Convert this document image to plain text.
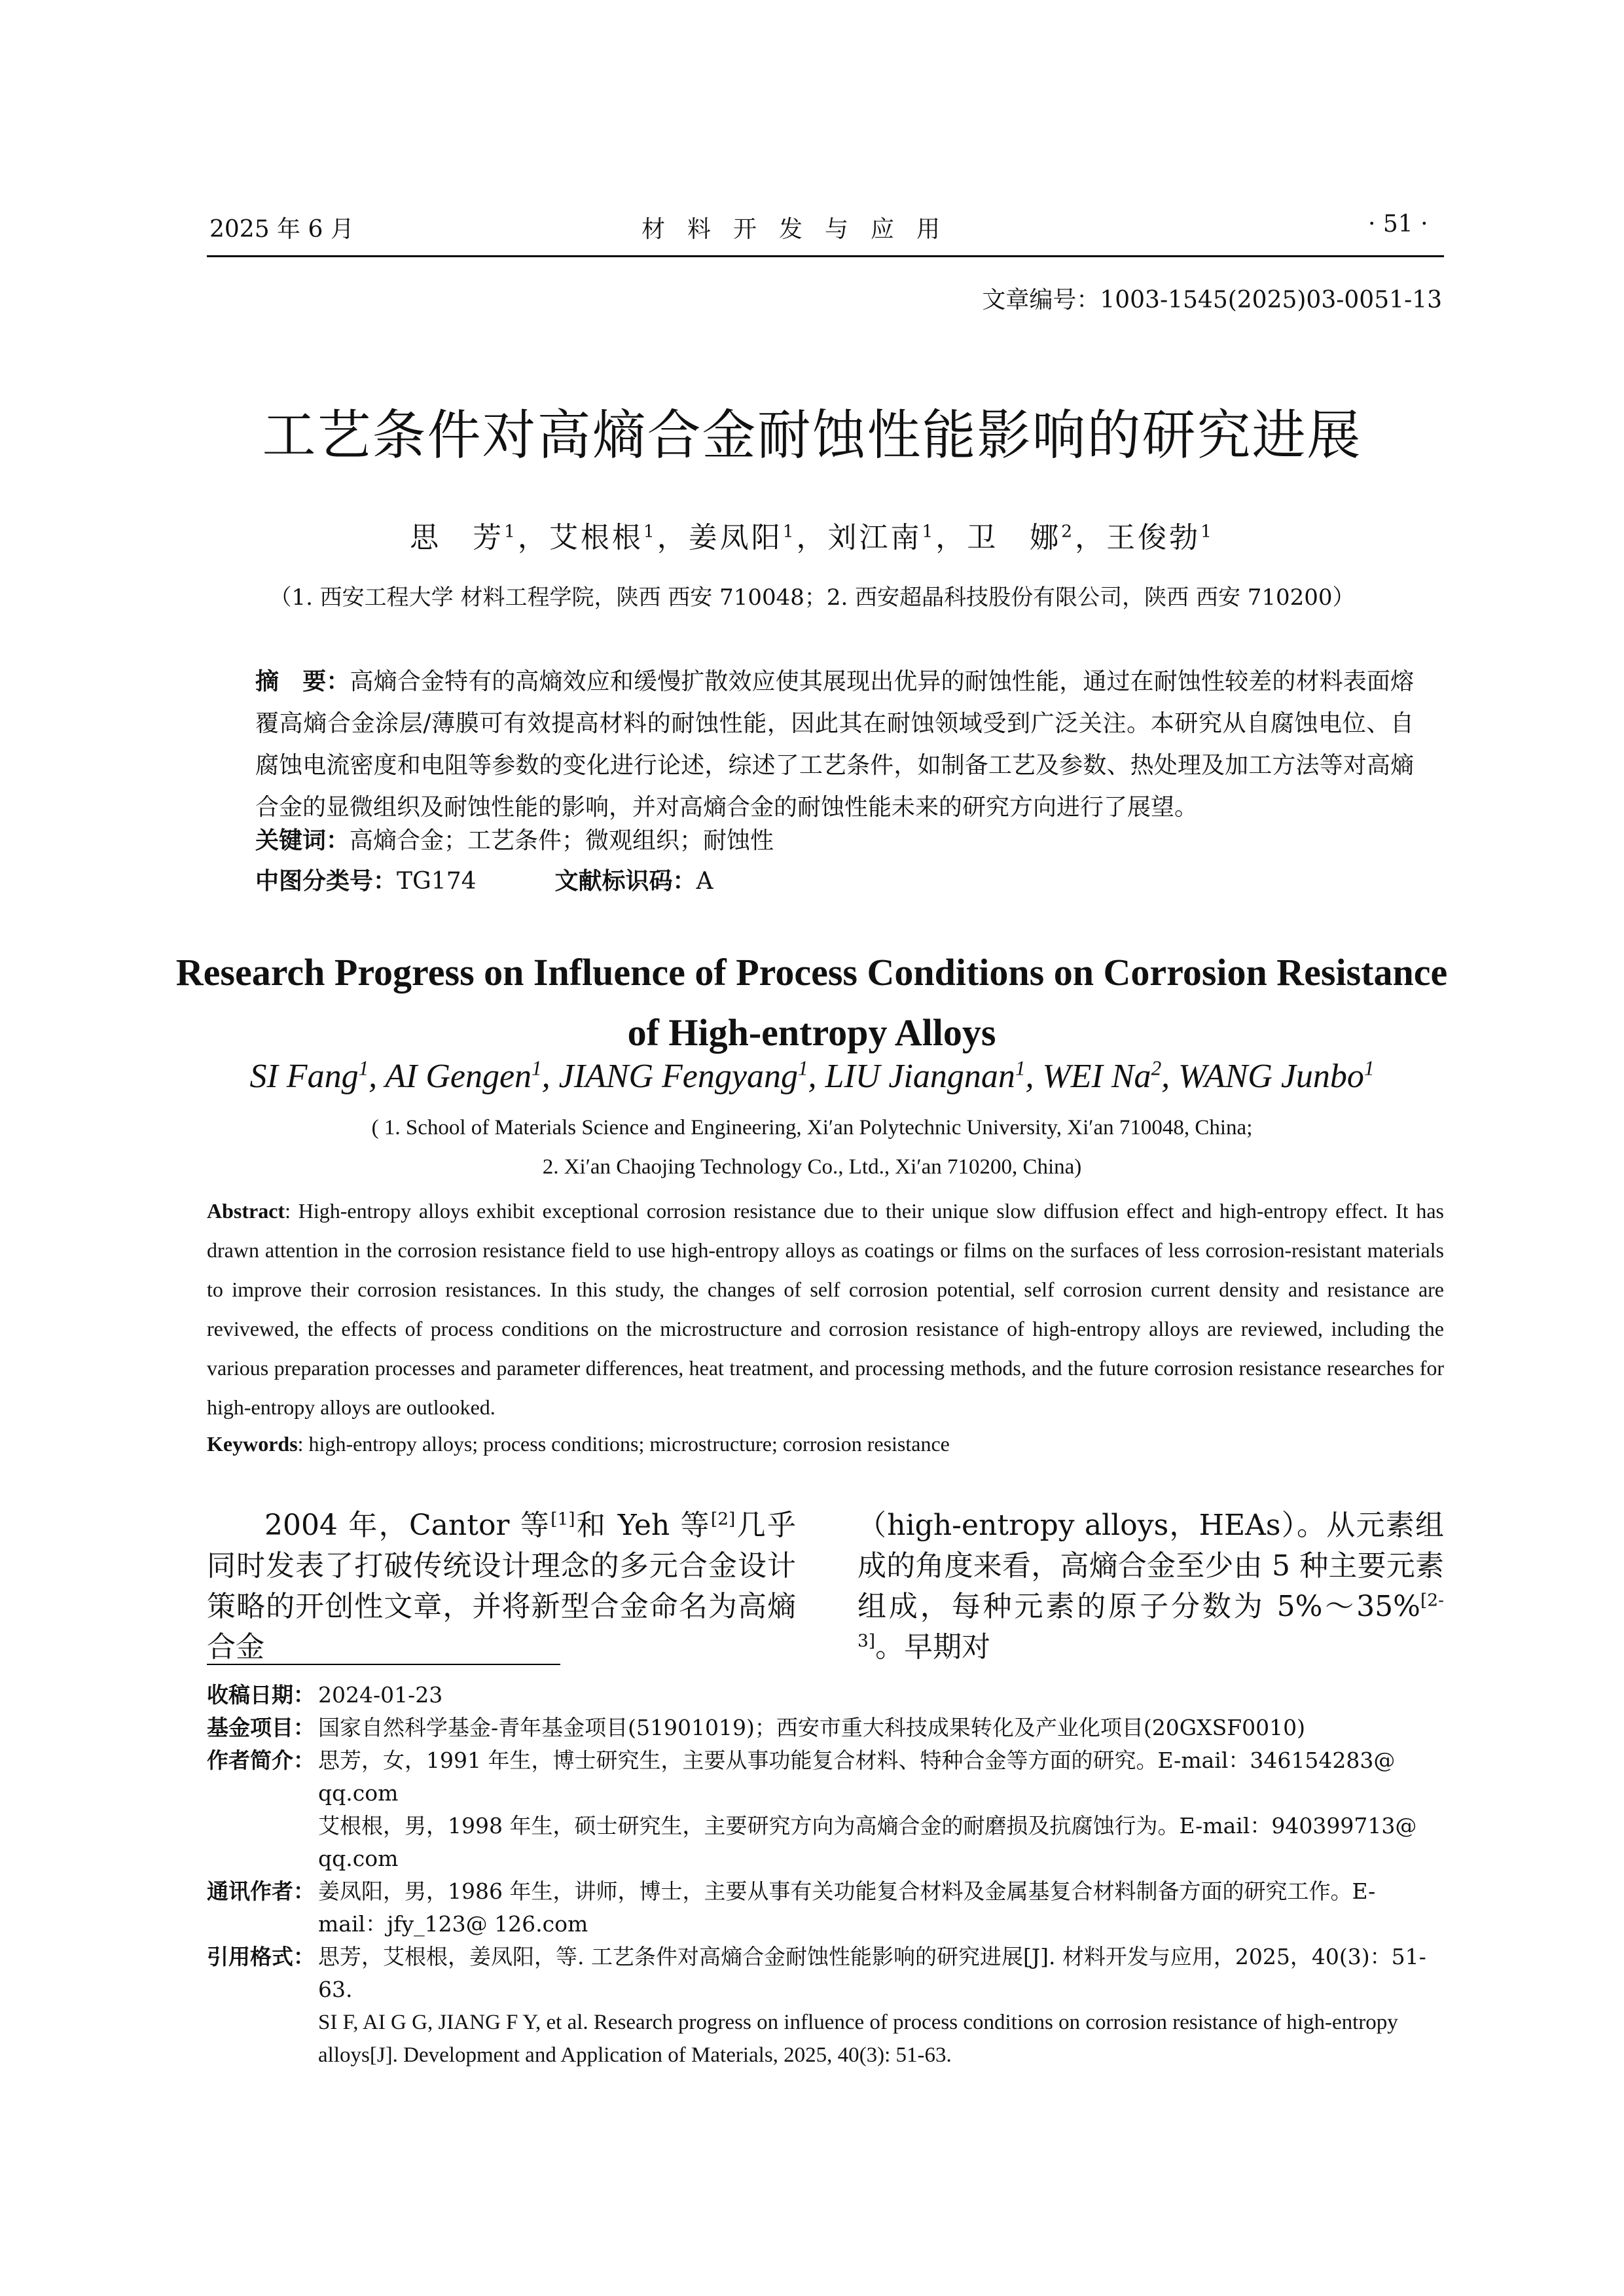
2025 年 6 月	材料开发与应用	· 51 ·
文章编号：1003-1545(2025)03-0051-13
工艺条件对高熵合金耐蚀性能影响的研究进展
思　芳$^1$，艾根根$^1$，姜凤阳$^1$，刘江南$^1$，卫　娜$^2$，王俊勃$^1$
（1. 西安工程大学 材料工程学院，陕西 西安 710048；2. 西安超晶科技股份有限公司，陕西 西安 710200）
摘　要：高熵合金特有的高熵效应和缓慢扩散效应使其展现出优异的耐蚀性能，通过在耐蚀性较差的材料表面熔覆高熵合金涂层/薄膜可有效提高材料的耐蚀性能，因此其在耐蚀领域受到广泛关注。本研究从自腐蚀电位、自腐蚀电流密度和电阻等参数的变化进行论述，综述了工艺条件，如制备工艺及参数、热处理及加工方法等对高熵合金的显微组织及耐蚀性能的影响，并对高熵合金的耐蚀性能未来的研究方向进行了展望。
关键词：高熵合金；工艺条件；微观组织；耐蚀性
中图分类号：TG174	文献标识码：A
Research Progress on Influence of Process Conditions on Corrosion Resistance of High-entropy Alloys
SI Fang$^1$, AI Gengen$^1$, JIANG Fengyang$^1$, LIU Jiangnan$^1$, WEI Na$^2$, WANG Junbo$^1$
( 1. School of Materials Science and Engineering, Xi′an Polytechnic University, Xi′an 710048, China;
2. Xi′an Chaojing Technology Co., Ltd., Xi′an 710200, China)
Abstract: High-entropy alloys exhibit exceptional corrosion resistance due to their unique slow diffusion effect and high-entropy effect. It has drawn attention in the corrosion resistance field to use high-entropy alloys as coatings or films on the surfaces of less corrosion-resistant materials to improve their corrosion resistances. In this study, the changes of self corrosion potential, self corrosion current density and resistance are revivewed, the effects of process conditions on the microstructure and corrosion resistance of high-entropy alloys are reviewed, including the various preparation processes and parameter differences, heat treatment, and processing methods, and the future corrosion resistance researches for high-entropy alloys are outlooked.
Keywords: high-entropy alloys; process conditions; microstructure; corrosion resistance
2004 年，Cantor 等[1]和 Yeh 等[2]几乎同时发表了打破传统设计理念的多元合金设计策略的开创性文章，并将新型合金命名为高熵合金
（high-entropy alloys，HEAs）。从元素组成的角度来看，高熵合金至少由 5 种主要元素组成，每种元素的原子分数为 5%～35%[2-3]。早期对
收稿日期： 2024-01-23
基金项目： 国家自然科学基金-青年基金项目(51901019)；西安市重大科技成果转化及产业化项目(20GXSF0010)
作者简介： 思芳，女，1991 年生，博士研究生，主要从事功能复合材料、特种合金等方面的研究。E-mail：346154283@ qq.com
艾根根，男，1998 年生，硕士研究生，主要研究方向为高熵合金的耐磨损及抗腐蚀行为。E-mail：940399713@ qq.com
通讯作者： 姜凤阳，男，1986 年生，讲师，博士，主要从事有关功能复合材料及金属基复合材料制备方面的研究工作。E-mail：jfy_123@ 126.com
引用格式： 思芳，艾根根，姜凤阳，等. 工艺条件对高熵合金耐蚀性能影响的研究进展[J]. 材料开发与应用，2025，40(3)：51-63.
SI F, AI G G, JIANG F Y, et al. Research progress on influence of process conditions on corrosion resistance of high-entropy alloys[J]. Development and Application of Materials, 2025, 40(3): 51-63.
